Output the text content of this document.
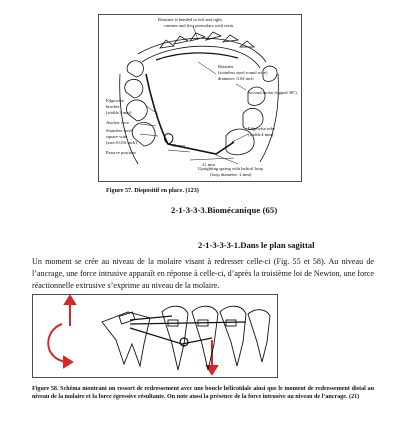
Retainer is bended to left and right
canines and first premolars with resin.
Retainer
(stainless steel round wire)
diameter: 0.04 inch
Second molar (tipped 30°)
Edgewise
bracket
(width:3 mm)
Anchor wire
Stainless steel
square wire
(size:0.016 inch)
Passive position
13 mm
21 mm
Edgewise tube
(width:4 mm)
Uprighting spring with helical loop
(loop diameter: 2 mm)
Figure 57. Dispositif en place. (123)
2-1-3-3-3.Biomécanique (65)
2-1-3-3-3-1.Dans le plan sagittal

Un moment se crée au niveau de la molaire visant à redresser celle-ci (Fig. 55 et 58). Au niveau de l’ancrage, une force intrusive apparaît en réponse à celle-ci, d’après la troisième loi de Newton, une force réactionnelle extrusive s’exprime au niveau de la molaire.

Figure 58. Schéma montrant un ressort de redressement avec une boucle hélicoïdale ainsi que le moment de redressement distal au niveau de la molaire et la force égressive résultante. On note aussi la présence de la force intrusive au niveau de l’ancrage. (21)
